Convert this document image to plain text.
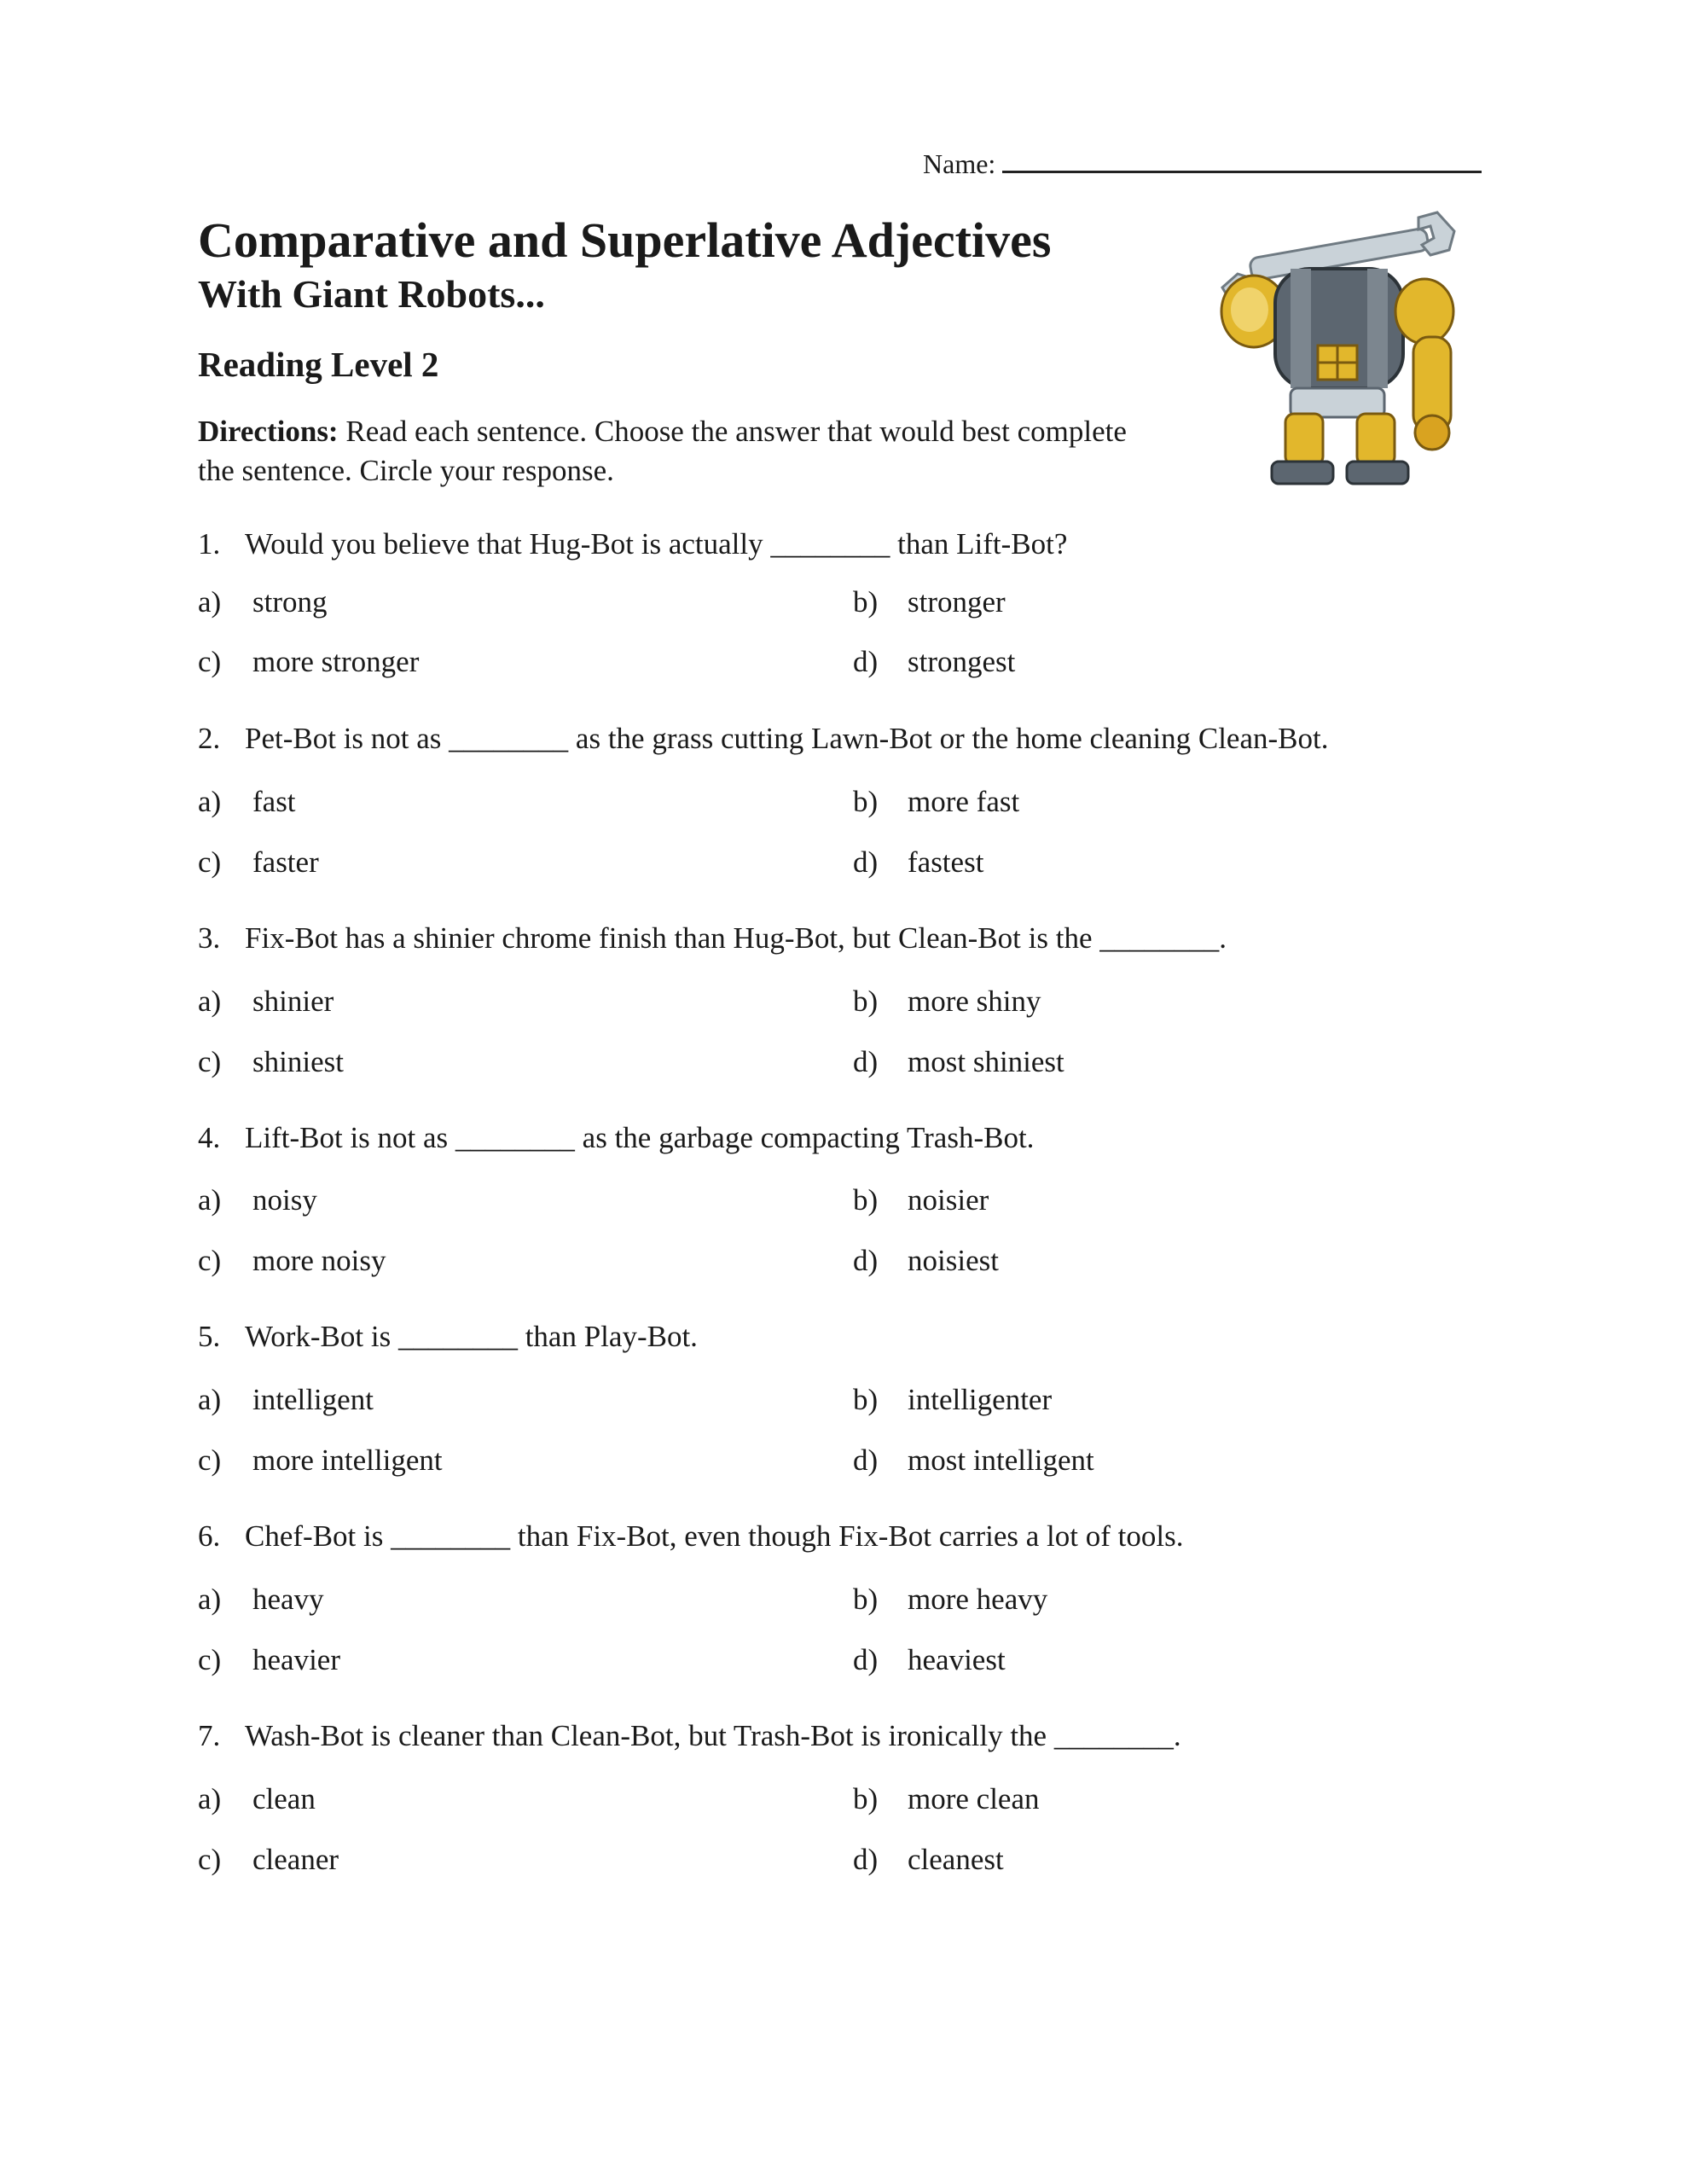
Name:
Comparative and Superlative Adjectives
With Giant Robots...
Reading Level 2
Directions: Read each sentence. Choose the answer that would best complete the sentence. Circle your response.
1. Would you believe that Hug-Bot is actually ________ than Lift-Bot?
a) strong	b) stronger
c) more stronger	d) strongest
2. Pet-Bot is not as ________ as the grass cutting Lawn-Bot or the home cleaning Clean-Bot.
a) fast	b) more fast
c) faster	d) fastest
3. Fix-Bot has a shinier chrome finish than Hug-Bot, but Clean-Bot is the ________.
a) shinier	b) more shiny
c) shiniest	d) most shiniest
4. Lift-Bot is not as ________ as the garbage compacting Trash-Bot.
a) noisy	b) noisier
c) more noisy	d) noisiest
5. Work-Bot is ________ than Play-Bot.
a) intelligent	b) intelligenter
c) more intelligent	d) most intelligent
6. Chef-Bot is ________ than Fix-Bot, even though Fix-Bot carries a lot of tools.
a) heavy	b) more heavy
c) heavier	d) heaviest
7. Wash-Bot is cleaner than Clean-Bot, but Trash-Bot is ironically the ________.
a) clean	b) more clean
c) cleaner	d) cleanest
